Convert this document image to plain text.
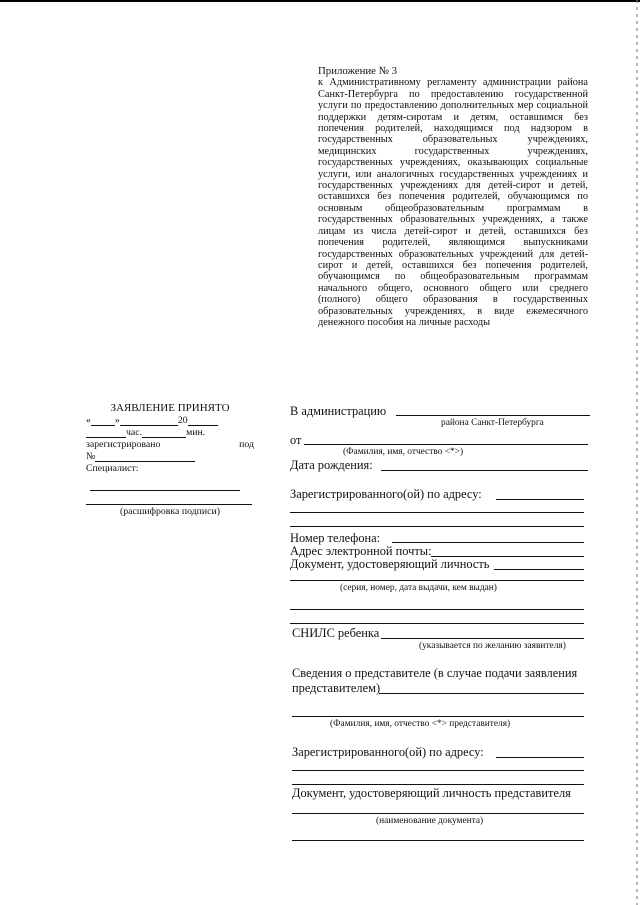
Приложение № 3

к Административному регламенту администрации района Санкт-Петербурга по предоставлению государственной услуги по предоставлению дополнительных мер социальной поддержки детям-сиротам и детям, оставшимся без попечения родителей, находящимся под надзором в государственных образовательных учреждениях, медицинских государственных учреждениях, государственных учреждениях, оказывающих социальные услуги, или аналогичных государственных учреждениях и государственных учреждениях для детей-сирот и детей, оставшихся без попечения родителей, обучающимся по основным общеобразовательным программам в государственных образовательных учреждениях, а также лицам из числа детей-сирот и детей, оставшихся без попечения родителей, являющимся выпускниками государственных образовательных учреждений для детей-сирот и детей, оставшихся без попечения родителей, обучающимся по общеобразовательным программам начального общего, основного общего или среднего (полного) общего образования в государственных образовательных учреждениях, в виде ежемесячного денежного пособия на личные расходы

ЗАЯВЛЕНИЕ ПРИНЯТО
« »	20
час.	мин.
зарегистрировано	под
№
Специалист:
(расшифровка подписи)
В администрацию
района Санкт-Петербурга
от
(Фамилия, имя, отчество <*>)
Дата рождения:
Зарегистрированного(ой) по адресу:
Номер телефона:
Адрес электронной почты:
Документ, удостоверяющий личность
(серия, номер, дата выдачи, кем выдан)
СНИЛС ребенка
(указывается по желанию заявителя)
Сведения о представителе (в случае подачи заявления
представителем)
(Фамилия, имя, отчество <*> представителя)
Зарегистрированного(ой) по адресу:
Документ, удостоверяющий личность представителя
(наименование документа)
